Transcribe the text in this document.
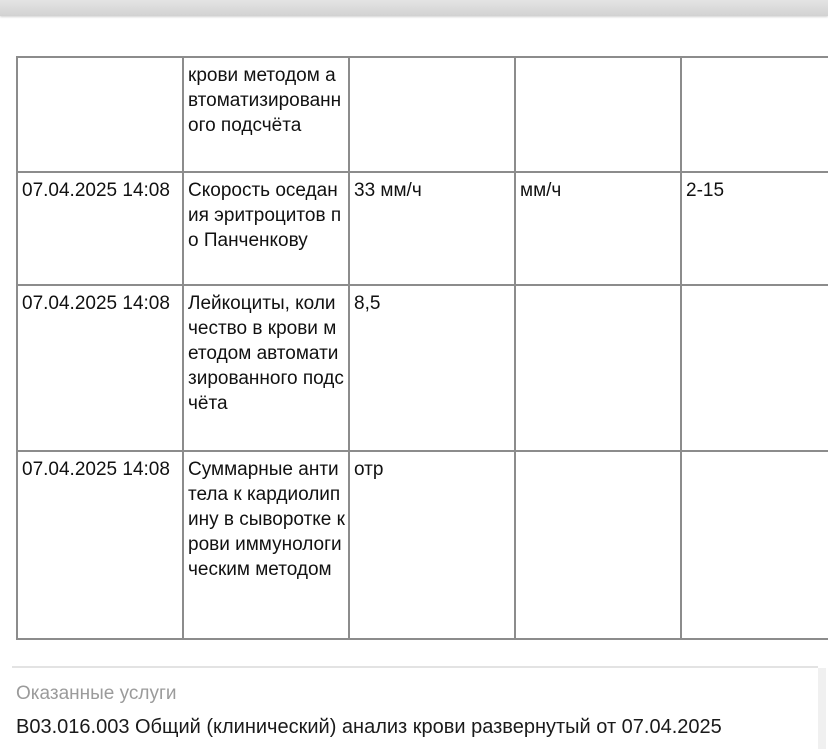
	крови методом автоматизированного подсчёта			
07.04.2025 14:08	Скорость оседания эритроцитов по Панченкову	33 мм/ч	мм/ч	2-15
07.04.2025 14:08	Лейкоциты, количество в крови методом автоматизированного подсчёта	8,5		
07.04.2025 14:08	Суммарные антитела к кардиолипину в сыворотке крови иммунологическим методом	отр		
Оказанные услуги
B03.016.003 Общий (клинический) анализ крови развернутый от 07.04.2025
